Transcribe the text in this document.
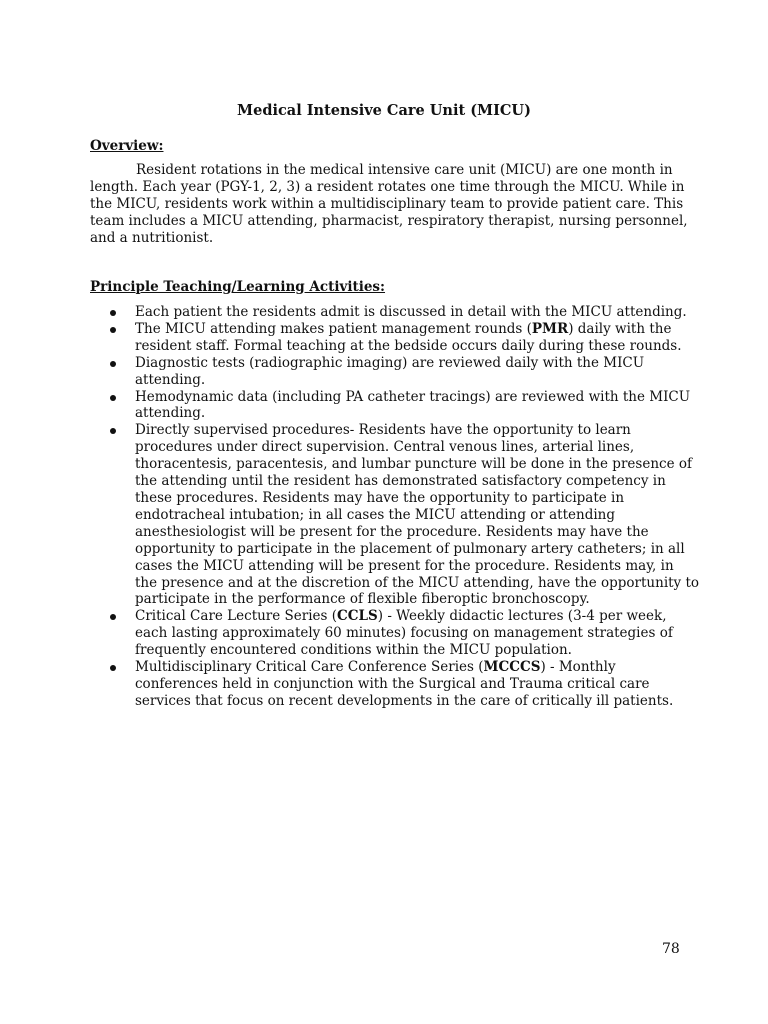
Medical Intensive Care Unit (MICU)
Overview:

Resident rotations in the medical intensive care unit (MICU) are one month in length. Each year (PGY-1, 2, 3) a resident rotates one time through the MICU. While in the MICU, residents work within a multidisciplinary team to provide patient care. This team includes a MICU attending, pharmacist, respiratory therapist, nursing personnel, and a nutritionist.

Principle Teaching/Learning Activities:
Each patient the residents admit is discussed in detail with the MICU attending.
The MICU attending makes patient management rounds (PMR) daily with the resident staff. Formal teaching at the bedside occurs daily during these rounds.
Diagnostic tests (radiographic imaging) are reviewed daily with the MICU attending.
Hemodynamic data (including PA catheter tracings) are reviewed with the MICU attending.
Directly supervised procedures- Residents have the opportunity to learn procedures under direct supervision. Central venous lines, arterial lines, thoracentesis, paracentesis, and lumbar puncture will be done in the presence of the attending until the resident has demonstrated satisfactory competency in these procedures. Residents may have the opportunity to participate in endotracheal intubation; in all cases the MICU attending or attending anesthesiologist will be present for the procedure. Residents may have the opportunity to participate in the placement of pulmonary artery catheters; in all cases the MICU attending will be present for the procedure. Residents may, in the presence and at the discretion of the MICU attending, have the opportunity to participate in the performance of flexible fiberoptic bronchoscopy.
Critical Care Lecture Series (CCLS) - Weekly didactic lectures (3-4 per week, each lasting approximately 60 minutes) focusing on management strategies of frequently encountered conditions within the MICU population.
Multidisciplinary Critical Care Conference Series (MCCCS) - Monthly conferences held in conjunction with the Surgical and Trauma critical care services that focus on recent developments in the care of critically ill patients.
78
